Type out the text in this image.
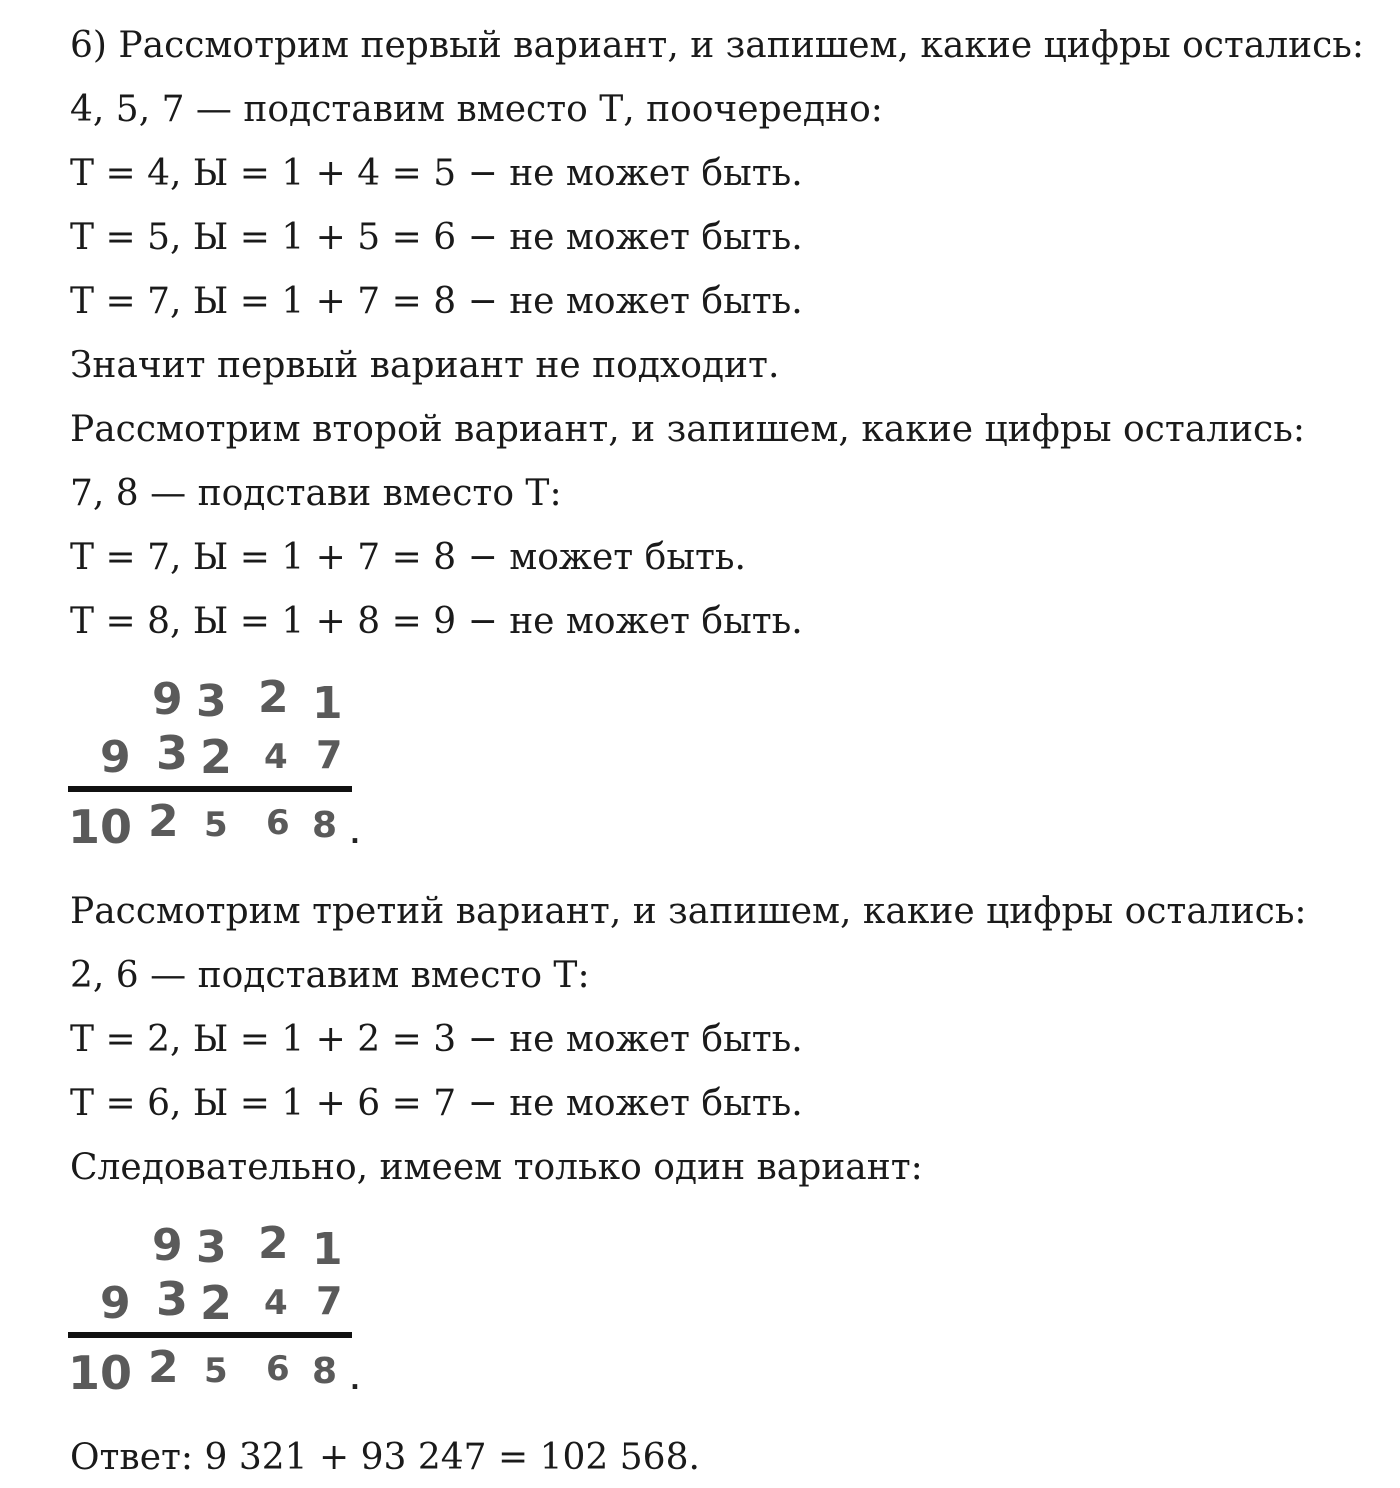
6) Рассмотрим первый вариант, и запишем, какие цифры остались:
4, 5, 7 — подставим вместо Т, поочередно:
Т = 4, Ы = 1 + 4 = 5 − не может быть.
Т = 5, Ы = 1 + 5 = 6 − не может быть.
Т = 7, Ы = 1 + 7 = 8 − не может быть.
Значит первый вариант не подходит.
Рассмотрим второй вариант, и запишем, какие цифры остались:
7, 8 — подстави вместо Т:
Т = 7, Ы = 1 + 7 = 8 − может быть.
Т = 8, Ы = 1 + 8 = 9 − не может быть.
9 3 2 1
9 3 2 4 7
10 2 5 6 8 .
Рассмотрим третий вариант, и запишем, какие цифры остались:
2, 6 — подставим вместо Т:
Т = 2, Ы = 1 + 2 = 3 − не может быть.
Т = 6, Ы = 1 + 6 = 7 − не может быть.
Следовательно, имеем только один вариант:
9 3 2 1
9 3 2 4 7
10 2 5 6 8 .
Ответ: 9 321 + 93 247 = 102 568.
